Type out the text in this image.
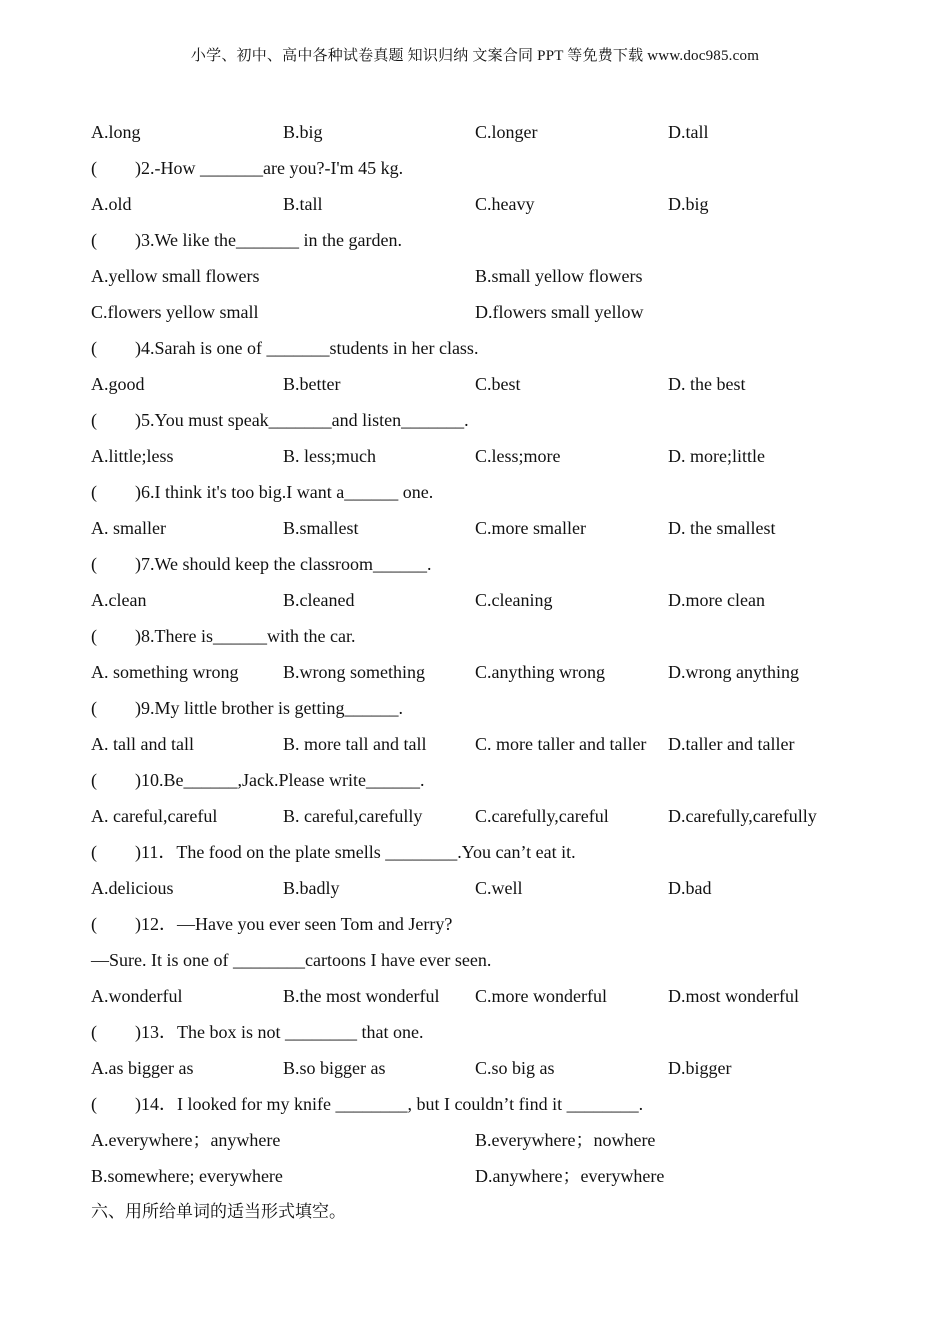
小学、初中、高中各种试卷真题 知识归纳 文案合同 PPT 等免费下载 www.doc985.com
A.long	B.big	C.longer	D.tall
( )2.-How _______are you?-I'm 45 kg.
A.old	B.tall	C.heavy	D.big
( )3.We like the_______ in the garden.
A.yellow small flowers	B.small yellow flowers
C.flowers yellow small	D.flowers small yellow
( )4.Sarah is one of _______students in her class.
A.good	B.better	C.best	D. the best
( )5.You must speak_______and listen_______.
A.little;less	B. less;much	C.less;more	D. more;little
( )6.I think it's too big.I want a______ one.
A. smaller	B.smallest	C.more smaller	D. the smallest
( )7.We should keep the classroom______.
A.clean	B.cleaned	C.cleaning	D.more clean
( )8.There is______with the car.
A. something wrong B.wrong something	C.anything wrong	D.wrong anything
( )9.My little brother is getting______.
A. tall and tall	B. more tall and tall	C. more taller and taller D.taller and taller
( )10.Be______,Jack.Please write______.
A. careful,careful	B. careful,carefully	C.carefully,careful	D.carefully,carefully
( )11．The food on the plate smells ________.You can’t eat it.
A.delicious	B.badly	C.well	D.bad
( )12．—Have you ever seen Tom and Jerry?
—Sure. It is one of ________cartoons I have ever seen.
A.wonderful	B.the most wonderful C.more wonderful	D.most wonderful
( )13．The box is not ________ that one.
A.as bigger as	B.so bigger as	C.so big as	D.bigger
( )14．I looked for my knife ________, but I couldn’t find it ________.
A.everywhere；anywhere	B.everywhere；nowhere
B.somewhere; everywhere	D.anywhere；everywhere
六、用所给单词的适当形式填空。
